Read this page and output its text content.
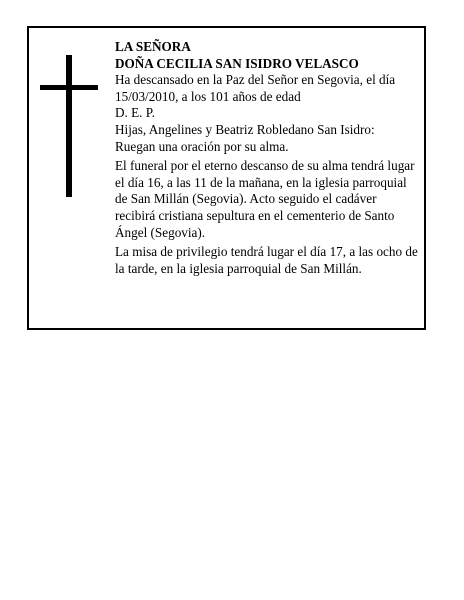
LA SEÑORA

DOÑA CECILIA SAN ISIDRO VELASCO

Ha descansado en la Paz del Señor en Segovia, el día 15/03/2010, a los 101 años de edad

D. E. P.

Hijas, Angelines y Beatriz Robledano San Isidro:

Ruegan una oración por su alma.

El funeral por el eterno descanso de su alma tendrá lugar el día 16, a las 11 de la mañana, en la iglesia parroquial de San Millán (Segovia). Acto seguido el cadáver recibirá cristiana sepultura en el cementerio de Santo Ángel (Segovia).

La misa de privilegio tendrá lugar el día 17, a las ocho de la tarde, en la iglesia parroquial de San Millán.
